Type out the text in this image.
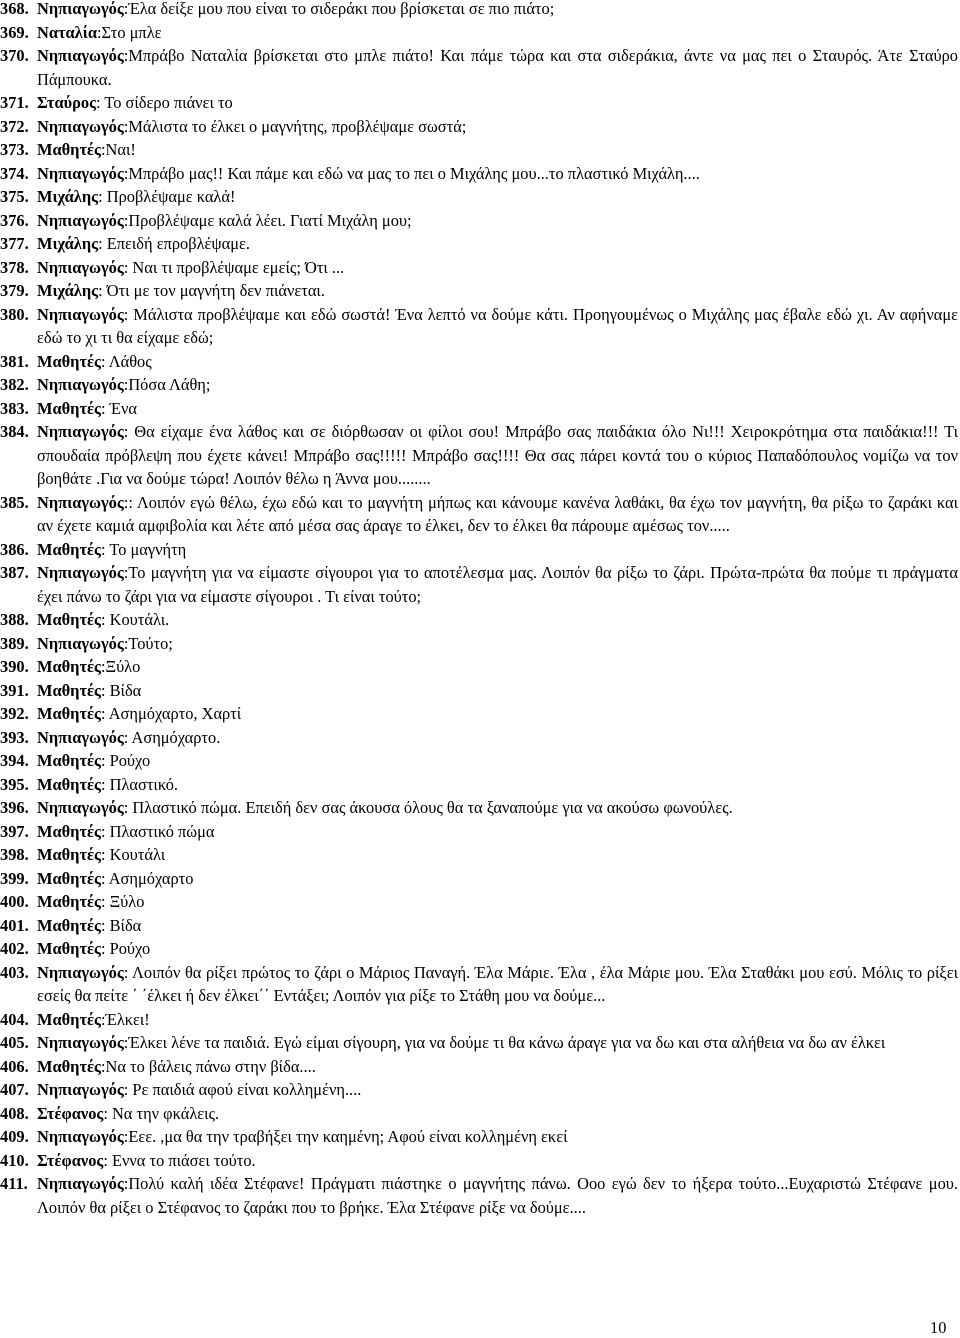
368. Νηπιαγωγός:Έλα δείξε μου που είναι το σιδεράκι που βρίσκεται σε πιο πιάτο;

369. Ναταλία:Στο μπλε

370. Νηπιαγωγός:Μπράβο Ναταλία βρίσκεται στο μπλε πιάτο! Και πάμε τώρα και στα σιδεράκια, άντε να μας πει ο Σταυρός. Άτε Σταύρο Πάμπουκα.

371. Σταύρος: Το σίδερο πιάνει το

372. Νηπιαγωγός:Μάλιστα το έλκει ο μαγνήτης, προβλέψαμε σωστά;

373. Μαθητές:Ναι!

374. Νηπιαγωγός:Μπράβο μας!! Και πάμε και εδώ να μας το πει ο Μιχάλης μου...το πλαστικό Μιχάλη....

375. Μιχάλης: Προβλέψαμε καλά!

376. Νηπιαγωγός:Προβλέψαμε καλά λέει. Γιατί Μιχάλη μου;

377. Μιχάλης: Επειδή επροβλέψαμε.

378. Νηπιαγωγός: Ναι τι προβλέψαμε εμείς; Ότι ...

379. Μιχάλης: Ότι με τον μαγνήτη δεν πιάνεται.

380. Νηπιαγωγός: Μάλιστα προβλέψαμε και εδώ σωστά! Ένα λεπτό να δούμε κάτι. Προηγουμένως ο Μιχάλης μας έβαλε εδώ χι. Αν αφήναμε εδώ το χι τι θα είχαμε εδώ;

381. Μαθητές: Λάθος

382. Νηπιαγωγός:Πόσα Λάθη;

383. Μαθητές: Ένα

384. Νηπιαγωγός: Θα είχαμε ένα λάθος και σε διόρθωσαν οι φίλοι σου! Μπράβο σας παιδάκια όλο Νι!!! Χειροκρότημα στα παιδάκια!!! Τι σπουδαία πρόβλεψη που έχετε κάνει! Μπράβο σας!!!!! Μπράβο σας!!!! Θα σας πάρει κοντά του ο κύριος Παπαδόπουλος νομίζω να τον βοηθάτε .Για να δούμε τώρα! Λοιπόν θέλω η Άννα μου........

385. Νηπιαγωγός:: Λοιπόν εγώ θέλω, έχω εδώ και το μαγνήτη μήπως και κάνουμε κανένα λαθάκι, θα έχω τον μαγνήτη, θα ρίξω το ζαράκι και αν έχετε καμιά αμφιβολία και λέτε από μέσα σας άραγε το έλκει, δεν το έλκει θα πάρουμε αμέσως τον.....

386. Μαθητές: Το μαγνήτη

387. Νηπιαγωγός:Το μαγνήτη για να είμαστε σίγουροι για το αποτέλεσμα μας. Λοιπόν θα ρίξω το ζάρι. Πρώτα-πρώτα θα πούμε τι πράγματα έχει πάνω το ζάρι για να είμαστε σίγουροι . Τι είναι τούτο;

388. Μαθητές: Κουτάλι.

389. Νηπιαγωγός:Τούτο;

390. Μαθητές:Ξύλο

391. Μαθητές: Βίδα

392. Μαθητές: Ασημόχαρτο, Χαρτί

393. Νηπιαγωγός: Ασημόχαρτο.

394. Μαθητές: Ρούχο

395. Μαθητές: Πλαστικό.

396. Νηπιαγωγός: Πλαστικό πώμα. Επειδή δεν σας άκουσα όλους θα τα ξαναπούμε για να ακούσω φωνούλες.

397. Μαθητές: Πλαστικό πώμα

398. Μαθητές: Κουτάλι

399. Μαθητές: Ασημόχαρτο

400. Μαθητές: Ξύλο

401. Μαθητές: Βίδα

402. Μαθητές: Ρούχο

403. Νηπιαγωγός: Λοιπόν θα ρίξει πρώτος το ζάρι ο Μάριος Παναγή. Έλα Μάριε. Έλα , έλα Μάριε μου. Έλα Σταθάκι μου εσύ. Μόλις το ρίξει εσείς θα πείτε ΄ ΄έλκει ή δεν έλκει΄΄ Εντάξει; Λοιπόν για ρίξε το Στάθη μου να δούμε...

404. Μαθητές:Έλκει!

405. Νηπιαγωγός:Έλκει λένε τα παιδιά. Εγώ είμαι σίγουρη, για να δούμε τι θα κάνω άραγε για να δω και στα αλήθεια να δω αν έλκει

406. Μαθητές:Να το βάλεις πάνω στην βίδα....

407. Νηπιαγωγός: Ρε παιδιά αφού είναι κολλημένη....

408. Στέφανος: Να την φκάλεις.

409. Νηπιαγωγός:Εεε. ,μα θα την τραβήξει την καημένη; Αφού είναι κολλημένη εκεί

410. Στέφανος: Εννα το πιάσει τούτο.

411. Νηπιαγωγός:Πολύ καλή ιδέα Στέφανε! Πράγματι πιάστηκε ο μαγνήτης πάνω. Οοο εγώ δεν το ήξερα τούτο...Ευχαριστώ Στέφανε μου. Λοιπόν θα ρίξει ο Στέφανος το ζαράκι που το βρήκε. Έλα Στέφανε ρίξε να δούμε....

10
